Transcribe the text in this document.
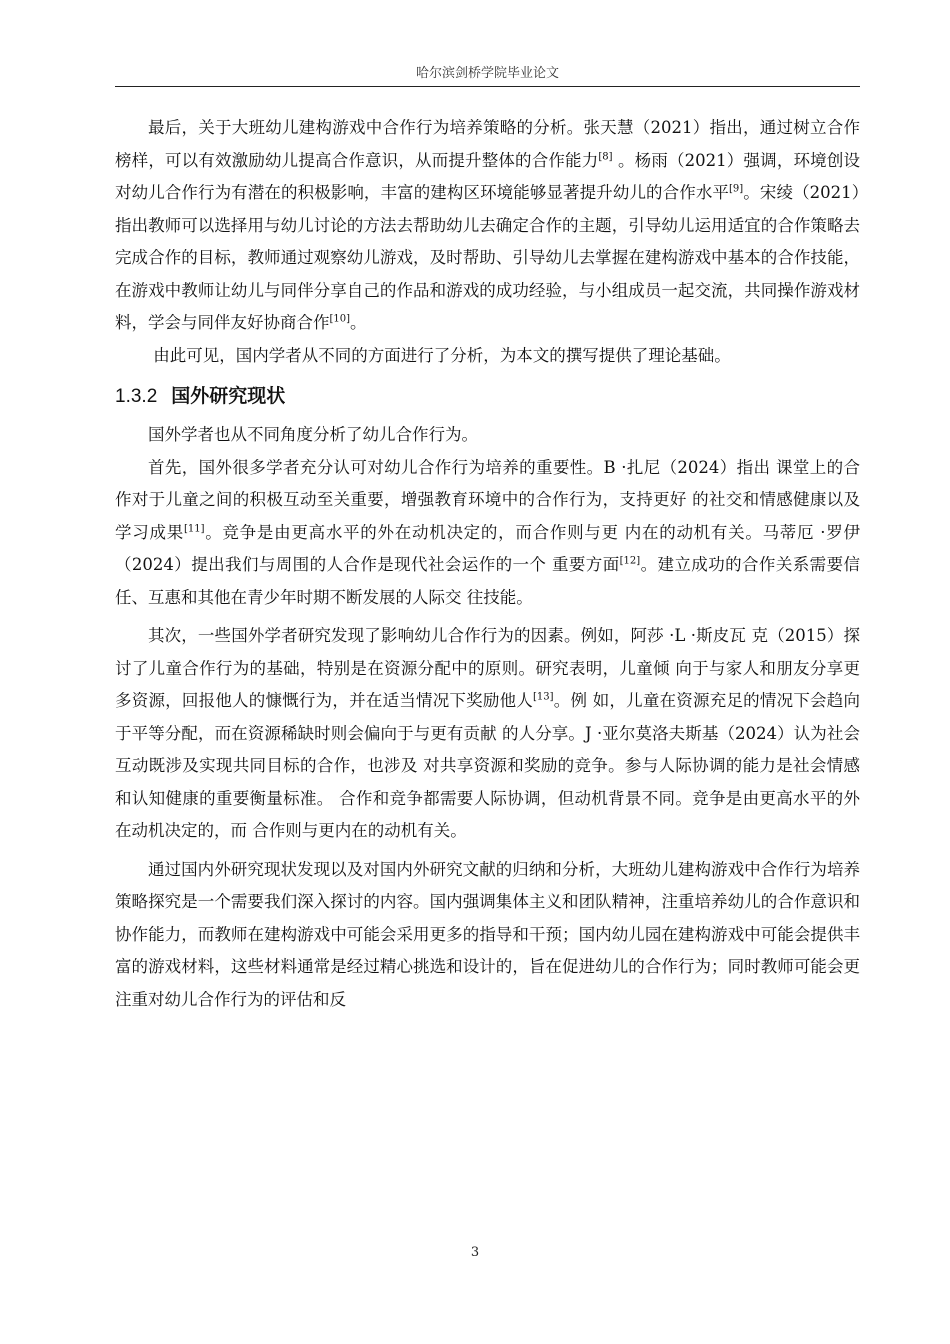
哈尔滨剑桥学院毕业论文

最后，关于大班幼儿建构游戏中合作行为培养策略的分析。张天慧（2021）指出，通过树立合作榜样，可以有效激励幼儿提高合作意识，从而提升整体的合作能力[8] 。杨雨（2021）强调，环境创设对幼儿合作行为有潜在的积极影响，丰富的建构区环境能够显著提升幼儿的合作水平[9]。宋绫（2021）指出教师可以选择用与幼儿讨论的方法去帮助幼儿去确定合作的主题，引导幼儿运用适宜的合作策略去完成合作的目标，教师通过观察幼儿游戏，及时帮助、引导幼儿去掌握在建构游戏中基本的合作技能，在游戏中教师让幼儿与同伴分享自己的作品和游戏的成功经验，与小组成员一起交流，共同操作游戏材料，学会与同伴友好协商合作[10]。

由此可见，国内学者从不同的方面进行了分析，为本文的撰写提供了理论基础。

1.3.2 国外研究现状

国外学者也从不同角度分析了幼儿合作行为。

首先，国外很多学者充分认可对幼儿合作行为培养的重要性。B ·扎尼（2024）指出 课堂上的合作对于儿童之间的积极互动至关重要，增强教育环境中的合作行为，支持更好 的社交和情感健康以及学习成果[11]。竞争是由更高水平的外在动机决定的，而合作则与更 内在的动机有关。马蒂厄 ·罗伊（2024）提出我们与周围的人合作是现代社会运作的一个 重要方面[12]。建立成功的合作关系需要信任、互惠和其他在青少年时期不断发展的人际交 往技能。

其次，一些国外学者研究发现了影响幼儿合作行为的因素。例如，阿莎 ·L ·斯皮瓦 克（2015）探讨了儿童合作行为的基础，特别是在资源分配中的原则。研究表明，儿童倾 向于与家人和朋友分享更多资源，回报他人的慷慨行为，并在适当情况下奖励他人[13]。例 如，儿童在资源充足的情况下会趋向于平等分配，而在资源稀缺时则会偏向于与更有贡献 的人分享。J ·亚尔莫洛夫斯基（2024）认为社会互动既涉及实现共同目标的合作，也涉及 对共享资源和奖励的竞争。参与人际协调的能力是社会情感和认知健康的重要衡量标准。 合作和竞争都需要人际协调，但动机背景不同。竞争是由更高水平的外在动机决定的，而 合作则与更内在的动机有关。

通过国内外研究现状发现以及对国内外研究文献的归纳和分析，大班幼儿建构游戏中合作行为培养策略探究是一个需要我们深入探讨的内容。国内强调集体主义和团队精神，注重培养幼儿的合作意识和协作能力，而教师在建构游戏中可能会采用更多的指导和干预；国内幼儿园在建构游戏中可能会提供丰富的游戏材料，这些材料通常是经过精心挑选和设计的，旨在促进幼儿的合作行为；同时教师可能会更注重对幼儿合作行为的评估和反

3
